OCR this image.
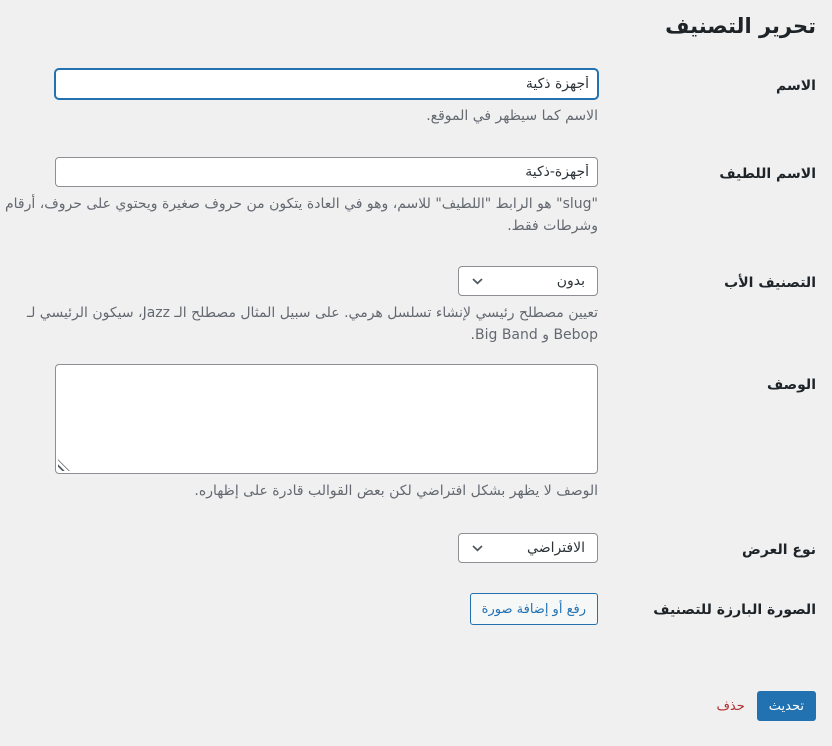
تحرير التصنيف
الاسم
أجهزة ذكية

الاسم كما سيظهر في الموقع.

الاسم اللطيف
أجهزة-ذكية

"slug" هو الرابط "اللطيف" للاسم، وهو في العادة يتكون من حروف صغيرة ويحتوي على حروف، أرقام وشرطات فقط.

التصنيف الأب
بدون

تعيين مصطلح رئيسي لإنشاء تسلسل هرمي. على سبيل المثال مصطلح الـ Jazz، سيكون الرئيسي لـ Bebop و Big Band.

الوصف

الوصف لا يظهر بشكل افتراضي لكن بعض القوالب قادرة على إظهاره.

نوع العرض
الافتراضي
الصورة البارزة للتصنيف
رفع أو إضافة صورة
تحديث
حذف
